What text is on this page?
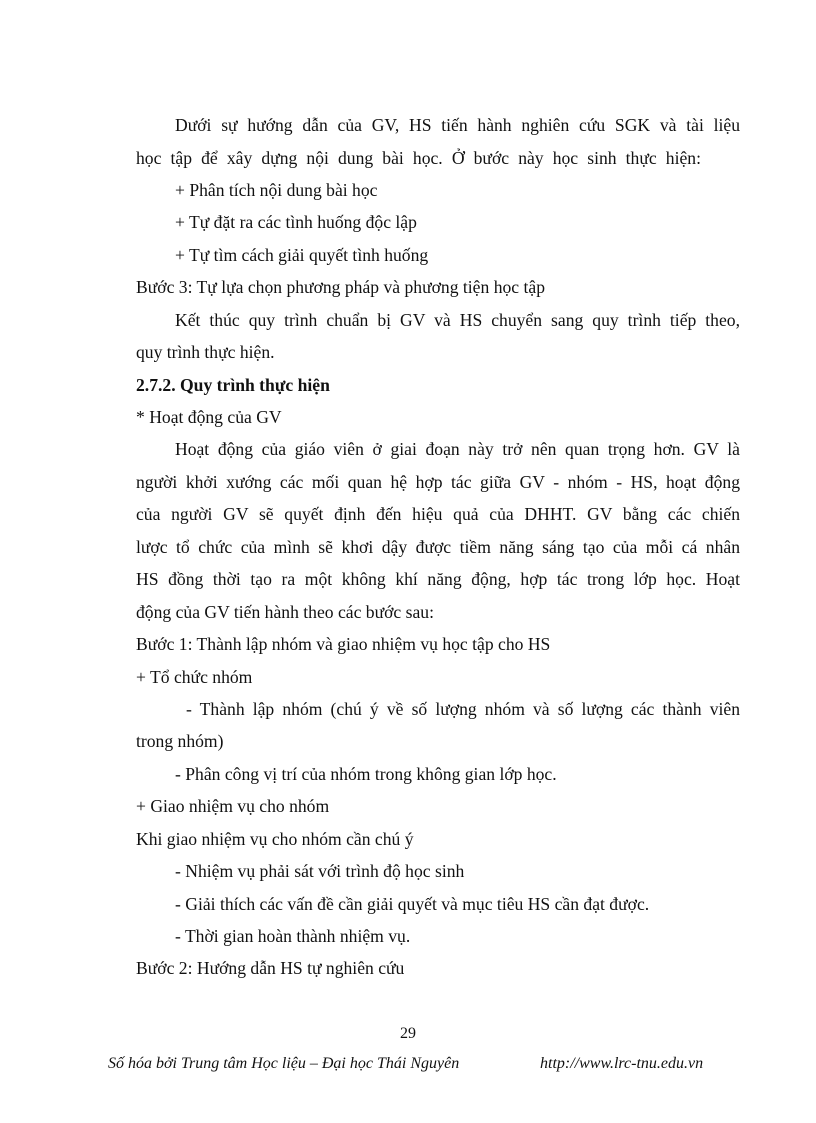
Dưới sự hướng dẫn của GV, HS tiến hành nghiên cứu SGK và tài liệu
học tập để xây dựng nội dung bài học. Ở bước này học sinh thực hiện:
+ Phân tích nội dung bài học
+ Tự đặt ra các tình huống độc lập
+ Tự tìm cách giải quyết tình huống
Bước 3: Tự lựa chọn phương pháp và phương tiện học tập
Kết thúc quy trình chuẩn bị GV và HS chuyển sang quy trình tiếp theo,
quy trình thực hiện.
2.7.2. Quy trình thực hiện
* Hoạt động của GV
Hoạt động của giáo viên ở giai đoạn này trở nên quan trọng hơn. GV là
người khởi xướng các mối quan hệ hợp tác giữa GV - nhóm - HS, hoạt động
của người GV sẽ quyết định đến hiệu quả của DHHT. GV bằng các chiến
lược tổ chức của mình sẽ khơi dậy được tiềm năng sáng tạo của mỗi cá nhân
HS đồng thời tạo ra một không khí năng động, hợp tác trong lớp học. Hoạt
động của GV tiến hành theo các bước sau:
Bước 1: Thành lập nhóm và giao nhiệm vụ học tập cho HS
+ Tổ chức nhóm
- Thành lập nhóm (chú ý về số lượng nhóm và số lượng các thành viên
trong nhóm)
- Phân công vị trí của nhóm trong không gian lớp học.
+ Giao nhiệm vụ cho nhóm
Khi giao nhiệm vụ cho nhóm cần chú ý
- Nhiệm vụ phải sát với trình độ học sinh
- Giải thích các vấn đề cần giải quyết và mục tiêu HS cần đạt được.
- Thời gian hoàn thành nhiệm vụ.
Bước 2: Hướng dẫn HS tự nghiên cứu
29
Số hóa bởi Trung tâm Học liệu – Đại học Thái Nguyên	http://www.lrc-tnu.edu.vn
